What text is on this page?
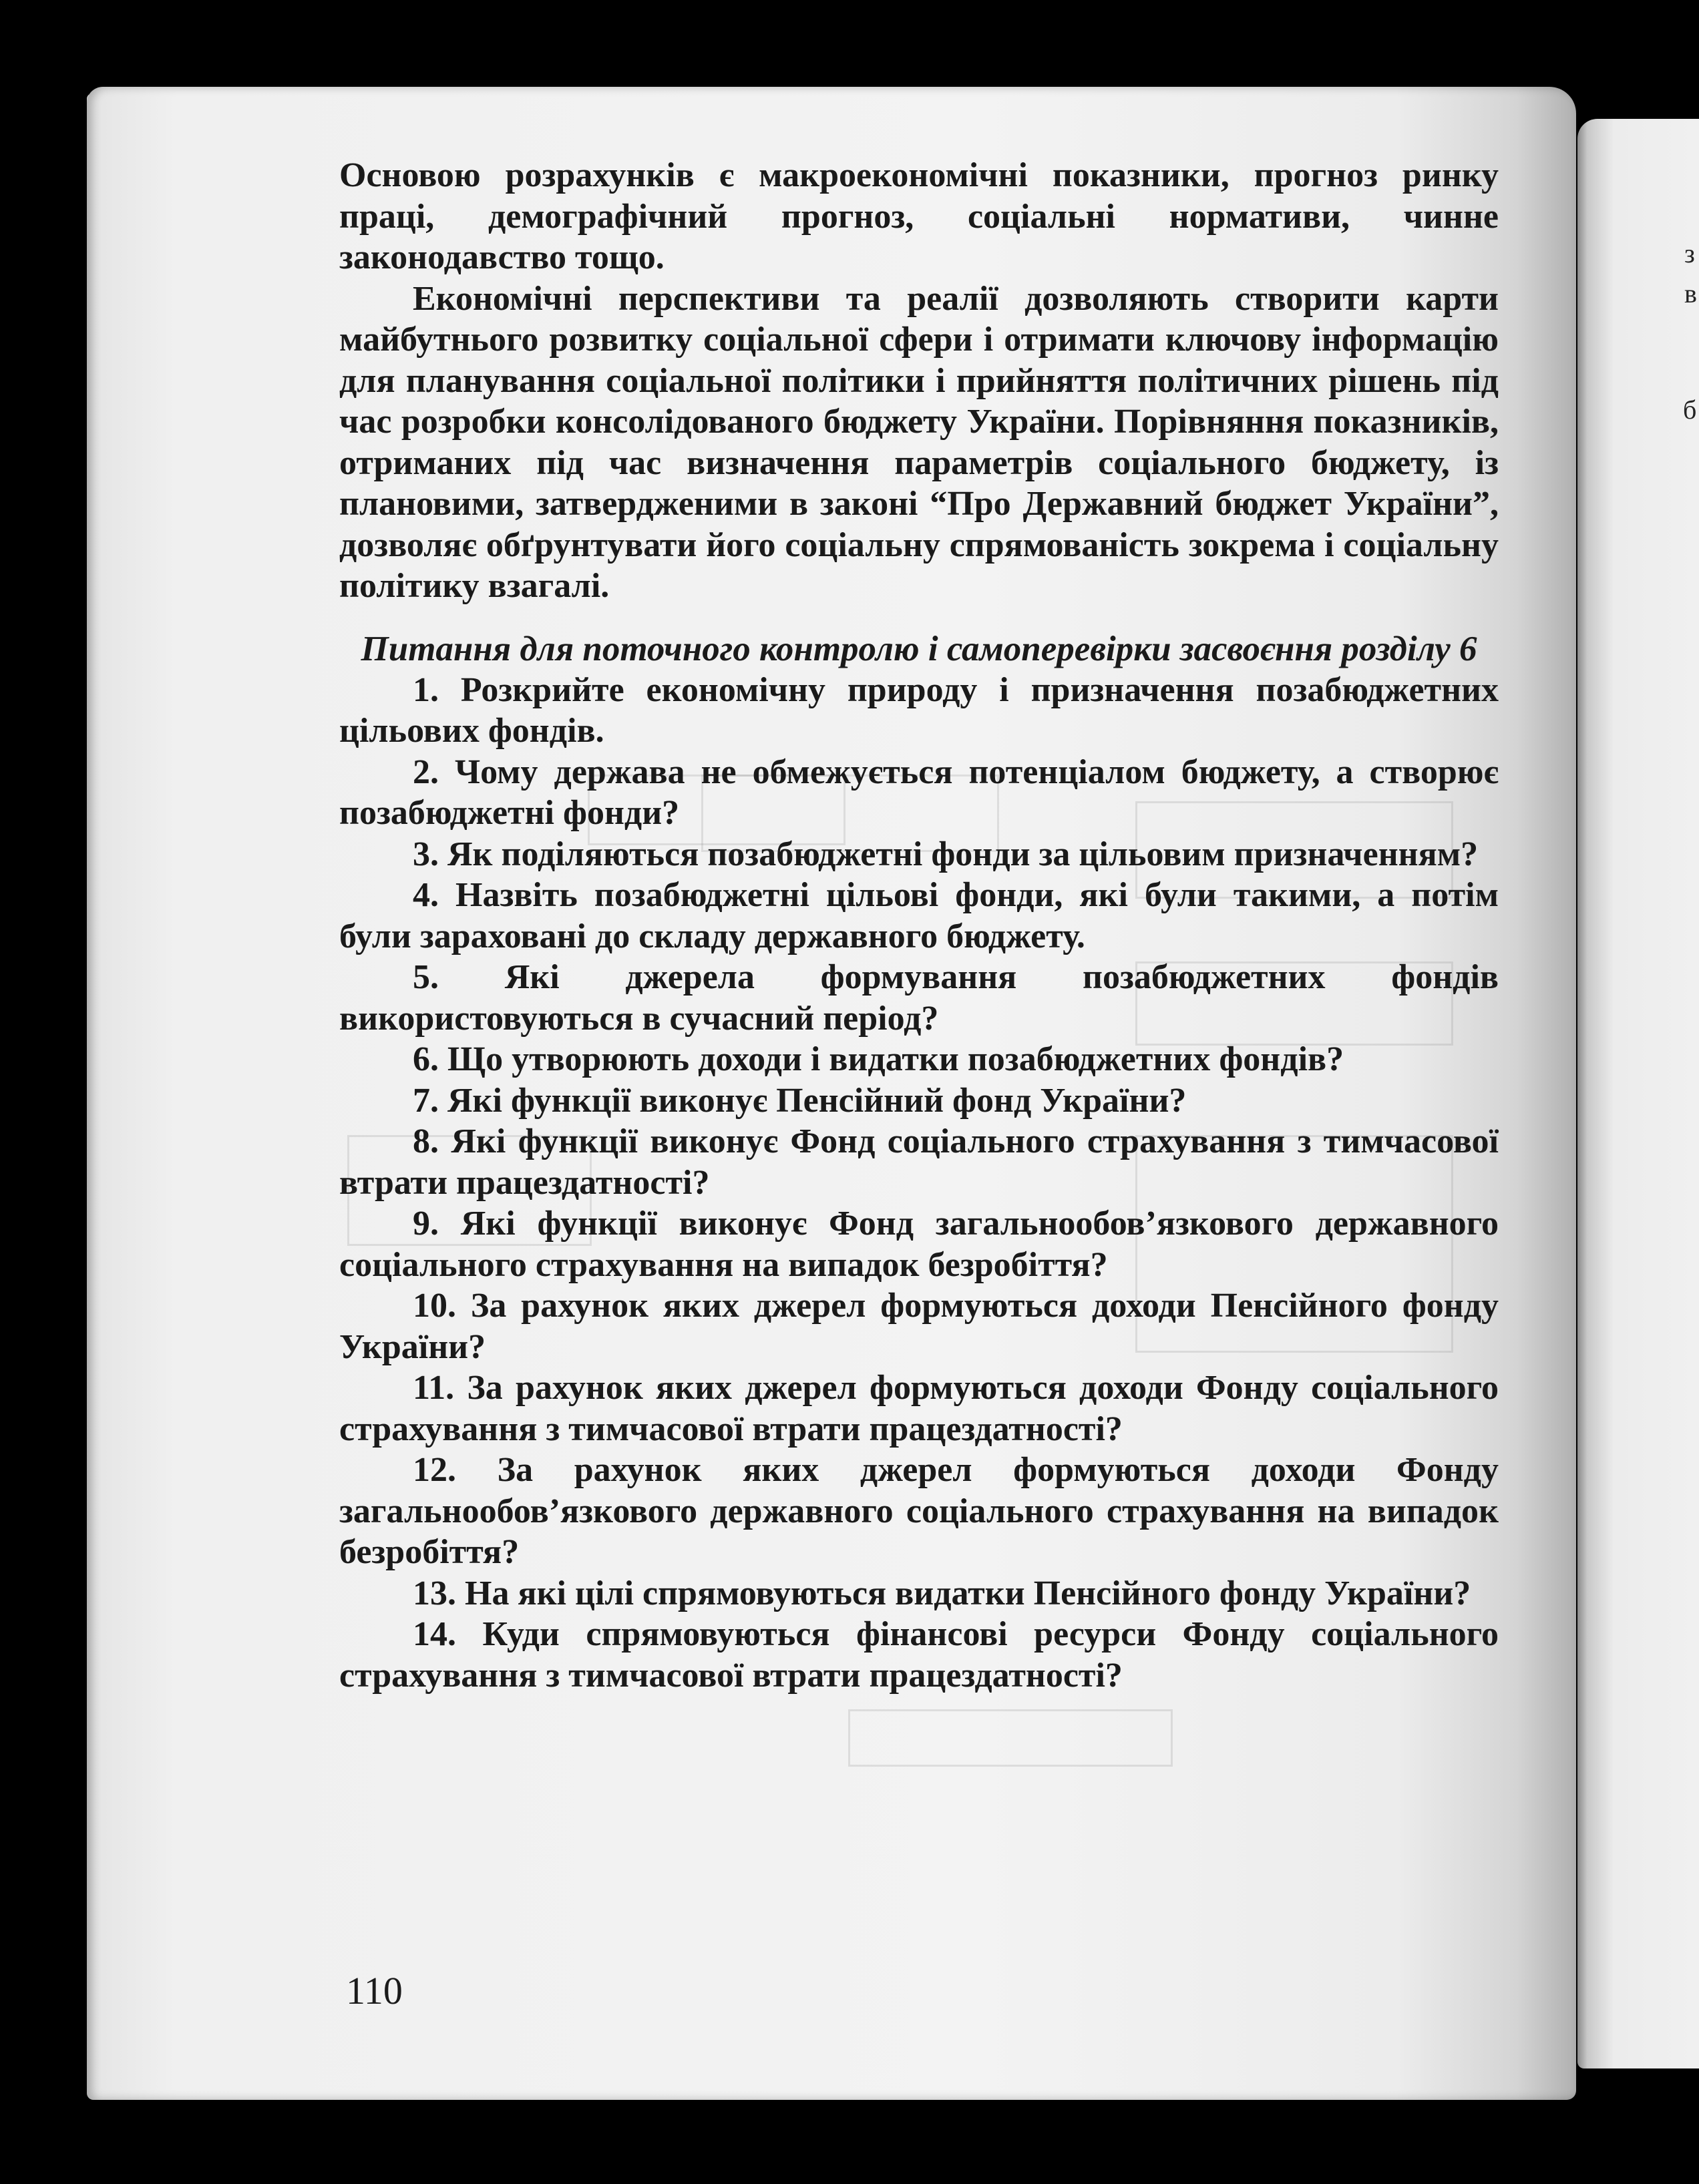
з
в
б

Основою розрахунків є макроекономічні показники, прогноз ринку праці, демографічний прогноз, соціальні нормативи, чинне законодавство тощо.

Економічні перспективи та реалії дозволяють створити карти майбутнього розвитку соціальної сфери і отримати ключову інформацію для планування соціальної політики і прийняття політичних рішень під час розробки консолідованого бюджету України. Порівняння показників, отриманих під час визначення параметрів соціального бюджету, із плановими, затвердженими в законі “Про Державний бюджет України”, дозволяє обґрунтувати його соціальну спрямованість зокрема і соціальну політику взагалі.

Питання для поточного контролю і самоперевірки засвоєння розділу 6

1. Розкрийте економічну природу і призначення позабюджетних цільових фондів.

2. Чому держава не обмежується потенціалом бюджету, а створює позабюджетні фонди?

3. Як поділяються позабюджетні фонди за цільовим призначенням?

4. Назвіть позабюджетні цільові фонди, які були такими, а потім були зараховані до складу державного бюджету.

5. Які джерела формування позабюджетних фондів використовуються в сучасний період?

6. Що утворюють доходи і видатки позабюджетних фондів?

7. Які функції виконує Пенсійний фонд України?

8. Які функції виконує Фонд соціального страхування з тимчасової втрати працездатності?

9. Які функції виконує Фонд загальнообов’язкового державного соціального страхування на випадок безробіття?

10. За рахунок яких джерел формуються доходи Пенсійного фонду України?

11. За рахунок яких джерел формуються доходи Фонду соціального страхування з тимчасової втрати працездатності?

12. За рахунок яких джерел формуються доходи Фонду загальнообов’язкового державного соціального страхування на випадок безробіття?

13. На які цілі спрямовуються видатки Пенсійного фонду України?

14. Куди спрямовуються фінансові ресурси Фонду соціального страхування з тимчасової втрати працездатності?

110
